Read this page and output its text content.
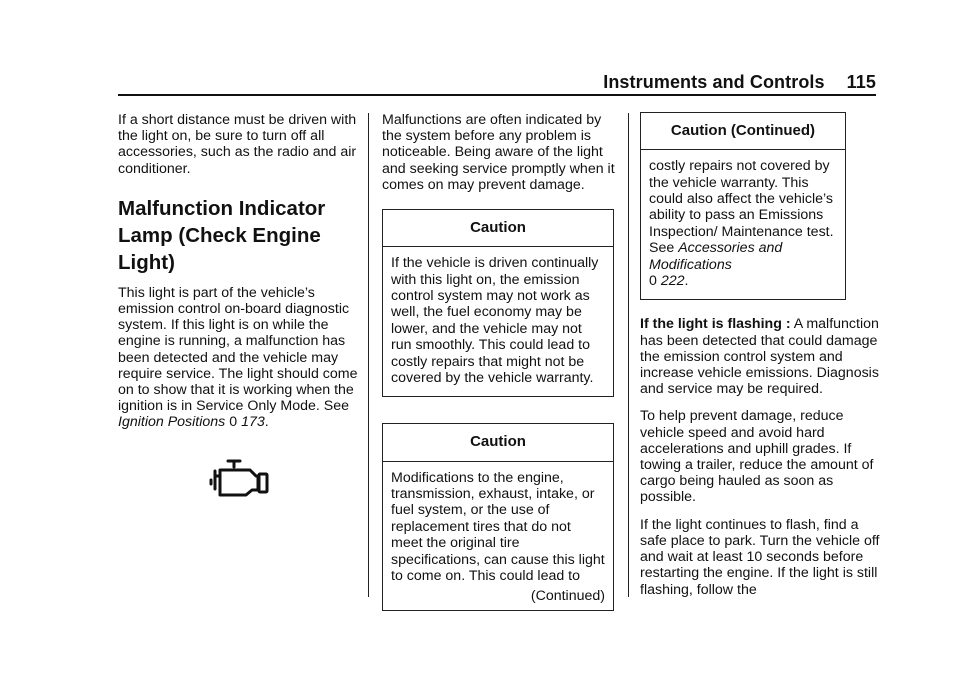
Instruments and Controls 115

If a short distance must be driven with the light on, be sure to turn off all accessories, such as the radio and air conditioner.

Malfunction Indicator
Lamp (Check Engine
Light)

This light is part of the vehicle’s emission control on-board diagnostic system. If this light is on while the engine is running, a malfunction has been detected and the vehicle may require service. The light should come on to show that it is working when the ignition is in Service Only Mode. See Ignition Positions 0 173.

Malfunctions are often indicated by the system before any problem is noticeable. Being aware of the light and seeking service promptly when it comes on may prevent damage.

Caution

If the vehicle is driven continually with this light on, the emission control system may not work as well, the fuel economy may be lower, and the vehicle may not run smoothly. This could lead to costly repairs that might not be covered by the vehicle warranty.

Caution

Modifications to the engine, transmission, exhaust, intake, or fuel system, or the use of replacement tires that do not meet the original tire specifications, can cause this light to come on. This could lead to

(Continued)
Caution (Continued)

costly repairs not covered by the vehicle warranty. This could also affect the vehicle’s ability to pass an Emissions Inspection/ Maintenance test. See Accessories and Modifications
0 222.

If the light is flashing : A malfunction has been detected that could damage the emission control system and increase vehicle emissions. Diagnosis and service may be required.

To help prevent damage, reduce vehicle speed and avoid hard accelerations and uphill grades. If towing a trailer, reduce the amount of cargo being hauled as soon as possible.

If the light continues to flash, find a safe place to park. Turn the vehicle off and wait at least 10 seconds before restarting the engine. If the light is still flashing, follow the
